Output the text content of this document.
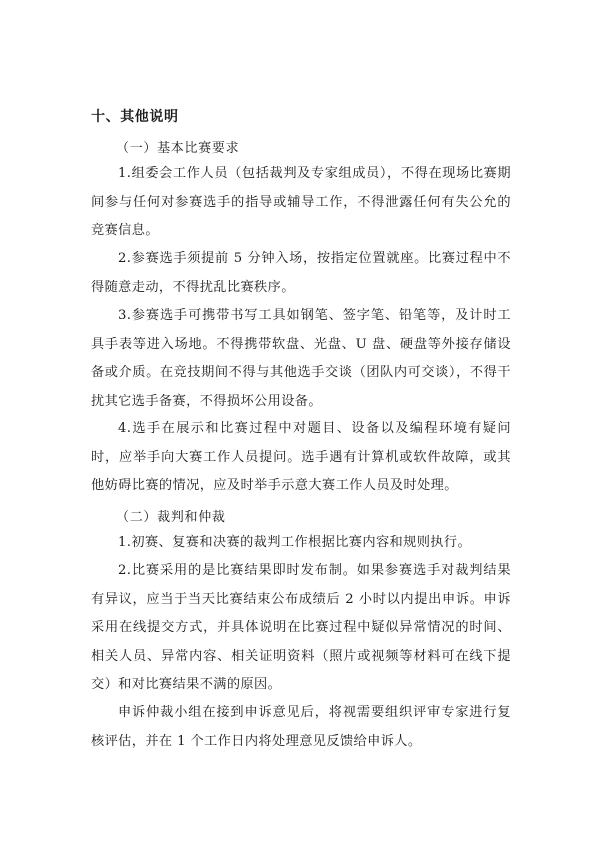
十、其他说明
（一）基本比赛要求

1.组委会工作人员（包括裁判及专家组成员），不得在现场比赛期间参与任何对参赛选手的指导或辅导工作，不得泄露任何有失公允的竞赛信息。

2.参赛选手须提前 5 分钟入场，按指定位置就座。比赛过程中不得随意走动，不得扰乱比赛秩序。

3.参赛选手可携带书写工具如钢笔、签字笔、铅笔等，及计时工具手表等进入场地。不得携带软盘、光盘、U 盘、硬盘等外接存储设备或介质。在竞技期间不得与其他选手交谈（团队内可交谈），不得干扰其它选手备赛，不得损坏公用设备。

4.选手在展示和比赛过程中对题目、设备以及编程环境有疑问时，应举手向大赛工作人员提问。选手遇有计算机或软件故障，或其他妨碍比赛的情况，应及时举手示意大赛工作人员及时处理。

（二）裁判和仲裁

1.初赛、复赛和决赛的裁判工作根据比赛内容和规则执行。

2.比赛采用的是比赛结果即时发布制。如果参赛选手对裁判结果有异议，应当于当天比赛结束公布成绩后 2 小时以内提出申诉。申诉采用在线提交方式，并具体说明在比赛过程中疑似异常情况的时间、相关人员、异常内容、相关证明资料（照片或视频等材料可在线下提交）和对比赛结果不满的原因。

申诉仲裁小组在接到申诉意见后，将视需要组织评审专家进行复核评估，并在 1 个工作日内将处理意见反馈给申诉人。
